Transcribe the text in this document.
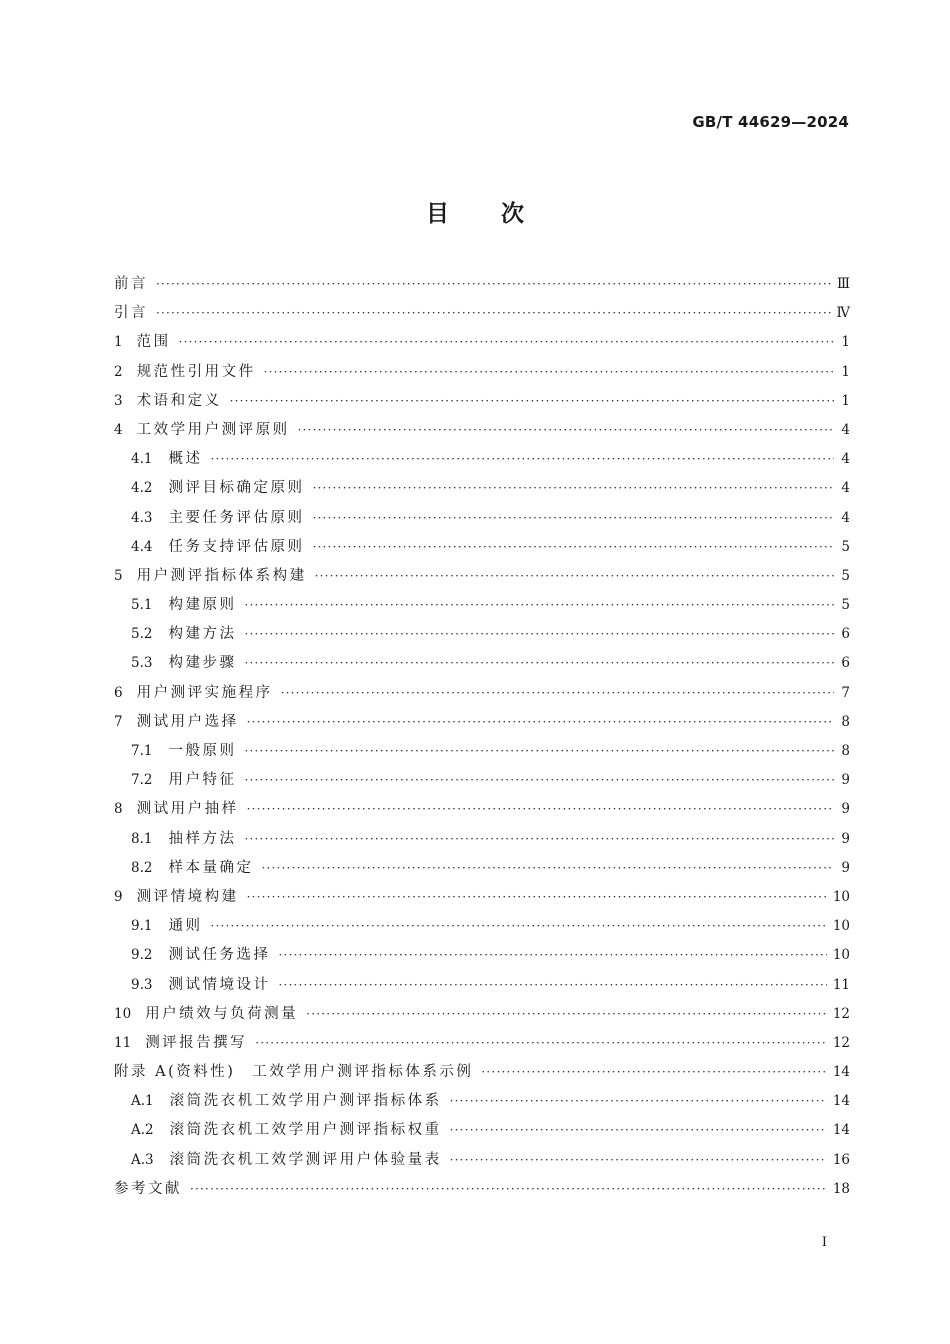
GB/T 44629—2024
目次
前言 ·····	Ⅲ
引言 ·····	Ⅳ
1 范围 ·····	1
2 规范性引用文件 ·····	1
3 术语和定义 ·····	1
4 工效学用户测评原则 ·····	4
4.1 概述 ·····	4
4.2 测评目标确定原则 ·····	4
4.3 主要任务评估原则 ·····	4
4.4 任务支持评估原则 ·····	5
5 用户测评指标体系构建 ·····	5
5.1 构建原则 ·····	5
5.2 构建方法 ·····	6
5.3 构建步骤 ·····	6
6 用户测评实施程序 ·····	7
7 测试用户选择 ·····	8
7.1 一般原则 ·····	8
7.2 用户特征 ·····	9
8 测试用户抽样 ·····	9
8.1 抽样方法 ·····	9
8.2 样本量确定 ·····	9
9 测评情境构建 ·····	10
9.1 通则 ·····	10
9.2 测试任务选择 ·····	10
9.3 测试情境设计 ·····	11
10 用户绩效与负荷测量 ·····	12
11 测评报告撰写 ·····	12
附录 A(资料性)　工效学用户测评指标体系示例 ·····	14
A.1 滚筒洗衣机工效学用户测评指标体系 ·····	14
A.2 滚筒洗衣机工效学用户测评指标权重 ·····	14
A.3 滚筒洗衣机工效学测评用户体验量表 ·····	16
参考文献 ·····	18
Ⅰ
